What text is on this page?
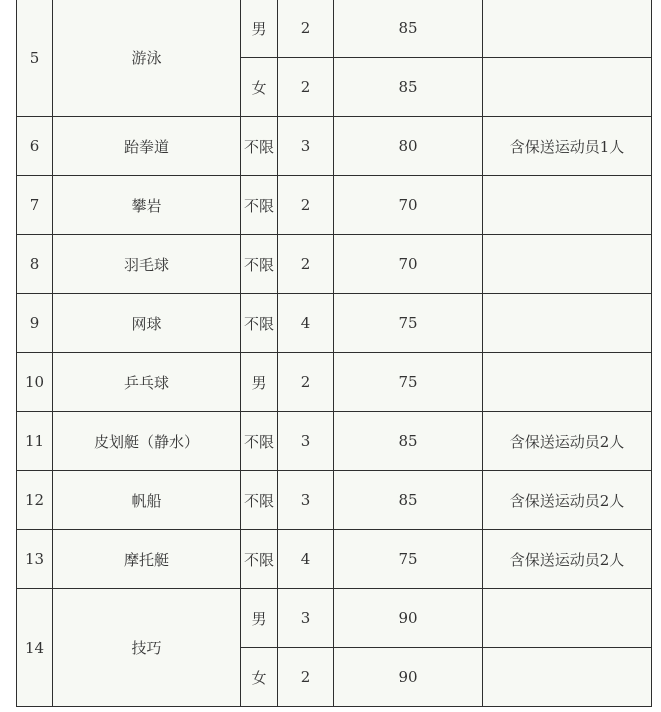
5	游泳	男	2	85	
		女	2	85	
6	跆拳道	不限	3	80	含保送运动员1人
7	攀岩	不限	2	70	
8	羽毛球	不限	2	70	
9	网球	不限	4	75	
10	乒乓球	男	2	75	
11	皮划艇（静水）	不限	3	85	含保送运动员2人
12	帆船	不限	3	85	含保送运动员2人
13	摩托艇	不限	4	75	含保送运动员2人
14	技巧	男	3	90	
		女	2	90	
